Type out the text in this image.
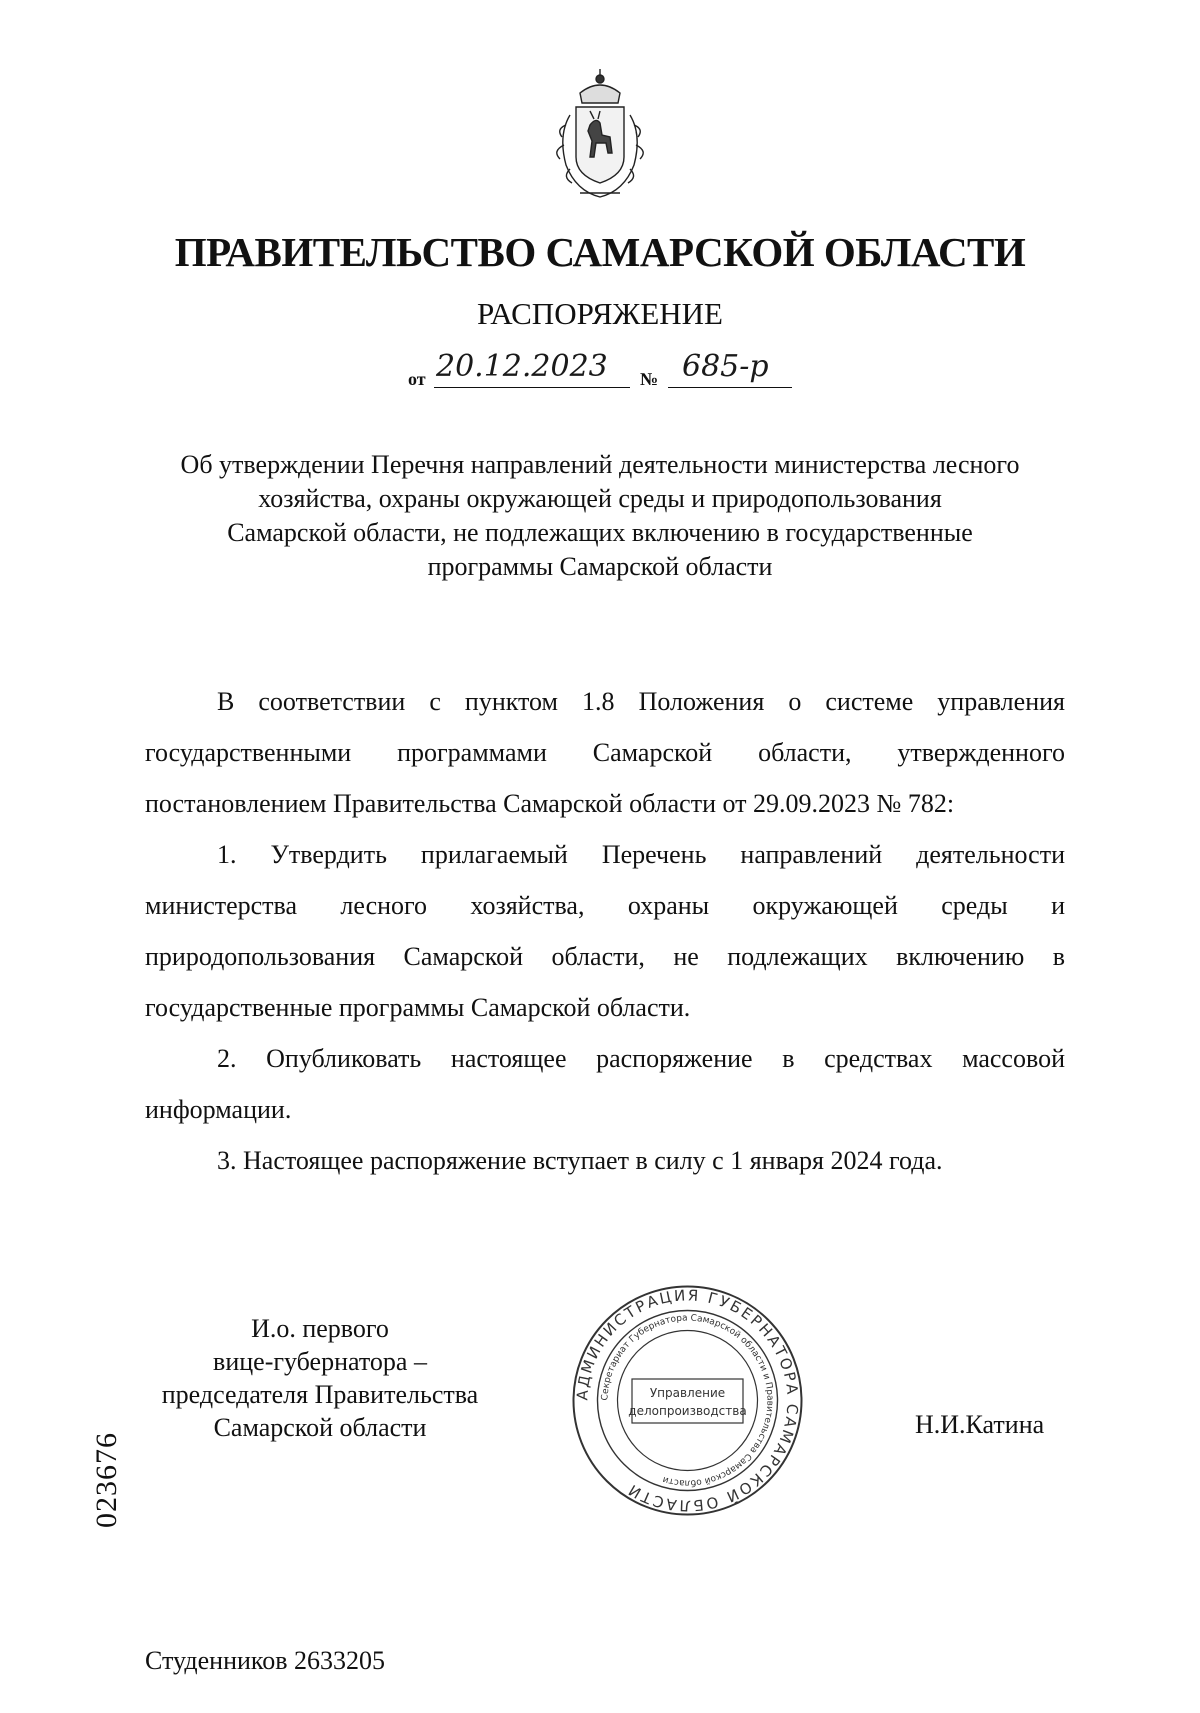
ПРАВИТЕЛЬСТВО САМАРСКОЙ ОБЛАСТИ
РАСПОРЯЖЕНИЕ
от 20.12.2023 № 685-р
Об утверждении Перечня направлений деятельности министерства лесного
хозяйства, охраны окружающей среды и природопользования
Самарской области, не подлежащих включению в государственные
программы Самарской области

В соответствии с пунктом 1.8 Положения о системе управления государственными программами Самарской области, утвержденного постановлением Правительства Самарской области от 29.09.2023 № 782:

1. Утвердить прилагаемый Перечень направлений деятельности министерства лесного хозяйства, охраны окружающей среды и природопользования Самарской области, не подлежащих включению в государственные программы Самарской области.

2. Опубликовать настоящее распоряжение в средствах массовой информации.

3. Настоящее распоряжение вступает в силу с 1 января 2024 года.

И.о. первого
вице-губернатора –
председателя Правительства
Самарской области
АДМИНИСТРАЦИЯ ГУБЕРНАТОРА САМАРСКОЙ ОБЛАСТИ
Секретариат Губернатора Самарской области и Правительства Самарской области
Управление
делопроизводства	Н.И.Катина
023676
Студенников 2633205
